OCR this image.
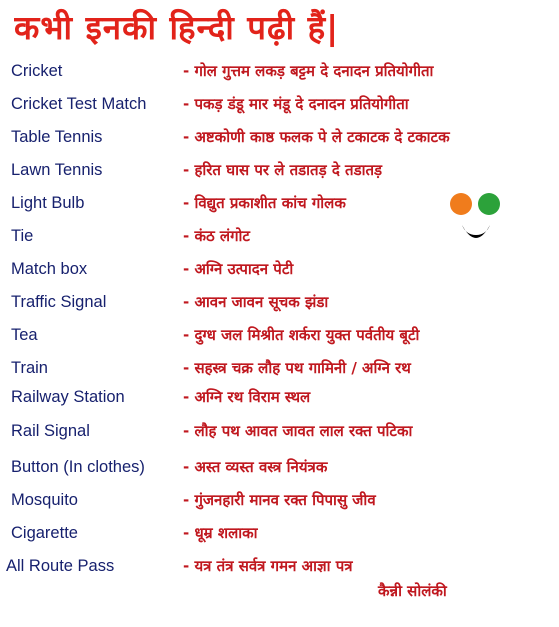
कभी इनकी हिन्दी पढ़ी हैं|
Cricket	- गोल गुत्तम लकड़ बट्टम दे दनादन प्रतियोगीता
Cricket Test Match - पकड़ डंडू मार मंडू दे दनादन प्रतियोगीता
Table Tennis	- अष्टकोणी काष्ठ फलक पे ले टकाटक दे टकाटक
Lawn Tennis	- हरित घास पर ले तडातड़ दे तडातड़
Light Bulb	- विद्युत प्रकाशीत कांच गोलक
Tie	- कंठ लंगोट
Match box	- अग्नि उत्पादन पेटी
Traffic Signal	- आवन जावन सूचक झंडा
Tea	- दुग्ध जल मिश्रीत शर्करा युक्त पर्वतीय बूटी
Train	- सहस्त्र चक्र लौह पथ गामिनी / अग्नि रथ
Railway Station	- अग्नि रथ विराम स्थल
Rail Signal	- लौह पथ आवत जावत लाल रक्त पटिका
Button (In clothes)	- अस्त व्यस्त वस्त्र नियंत्रक
Mosquito	- गुंजनहारी मानव रक्त पिपासु जीव
Cigarette	- धूम्र शलाका
All Route Pass	- यत्र तंत्र सर्वत्र गमन आज्ञा पत्र
कैन्नी सोलंकी
